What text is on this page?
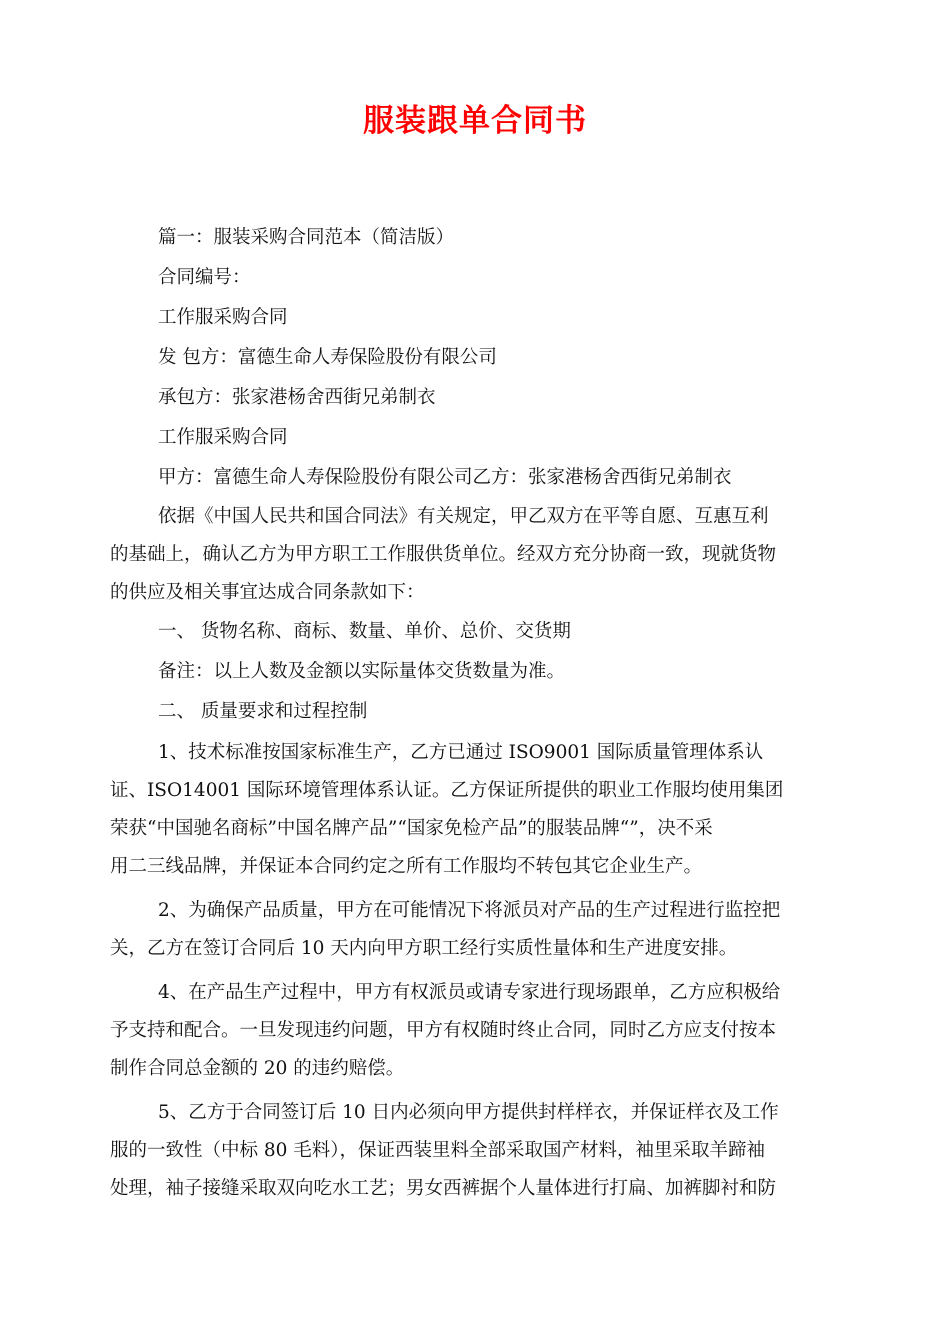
服装跟单合同书
篇一：服装采购合同范本（简洁版）
合同编号：
工作服采购合同
发 包方：富德生命人寿保险股份有限公司
承包方：张家港杨舍西街兄弟制衣
工作服采购合同
甲方：富德生命人寿保险股份有限公司乙方：张家港杨舍西街兄弟制衣
依据《中国人民共和国合同法》有关规定，甲乙双方在平等自愿、互惠互利
的基础上，确认乙方为甲方职工工作服供货单位。经双方充分协商一致，现就货物
的供应及相关事宜达成合同条款如下：
一、 货物名称、商标、数量、单价、总价、交货期
备注：以上人数及金额以实际量体交货数量为准。
二、 质量要求和过程控制
1、技术标准按国家标准生产，乙方已通过 ISO9001 国际质量管理体系认
证、ISO14001 国际环境管理体系认证。乙方保证所提供的职业工作服均使用集团
荣获“中国驰名商标”中国名牌产品”“国家免检产品”的服装品牌“”，决不采
用二三线品牌，并保证本合同约定之所有工作服均不转包其它企业生产。
2、为确保产品质量，甲方在可能情况下将派员对产品的生产过程进行监控把
关，乙方在签订合同后 10 天内向甲方职工经行实质性量体和生产进度安排。
4、在产品生产过程中，甲方有权派员或请专家进行现场跟单，乙方应积极给
予支持和配合。一旦发现违约问题，甲方有权随时终止合同，同时乙方应支付按本
制作合同总金额的 20 的违约赔偿。
5、乙方于合同签订后 10 日内必须向甲方提供封样样衣，并保证样衣及工作
服的一致性（中标 80 毛料），保证西装里料全部采取国产材料，袖里采取羊蹄袖
处理，袖子接缝采取双向吃水工艺；男女西裤据个人量体进行打扁、加裤脚衬和防
